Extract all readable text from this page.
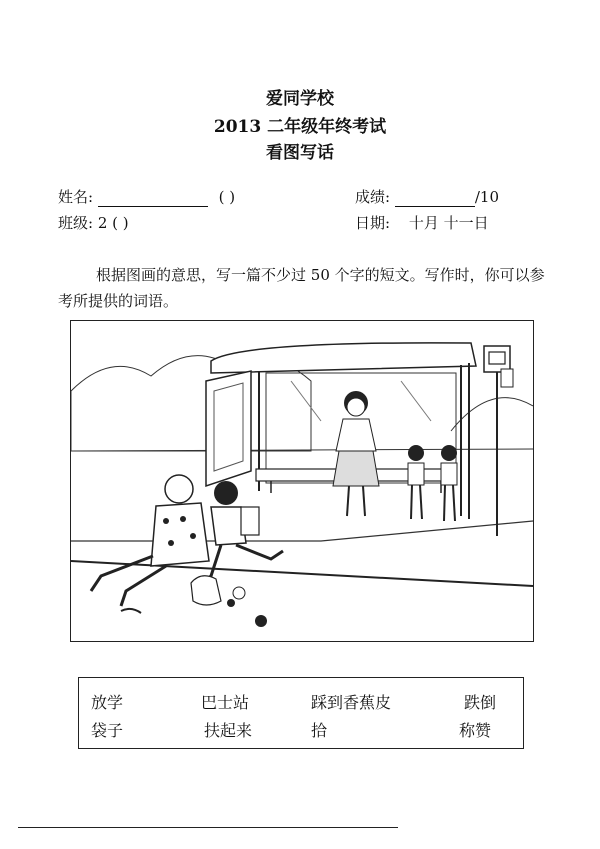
爱同学校
2013 二年级年终考试
看图写话
姓名:	( )
班级: 2 ( )
成绩:	/10
日期: 十月 十一日
根据图画的意思，写一篇不少过 50 个字的短文。写作时，你可以参考所提供的词语。
放学	巴士站	踩到香蕉皮	跌倒
袋子	扶起来	拾	称赞
